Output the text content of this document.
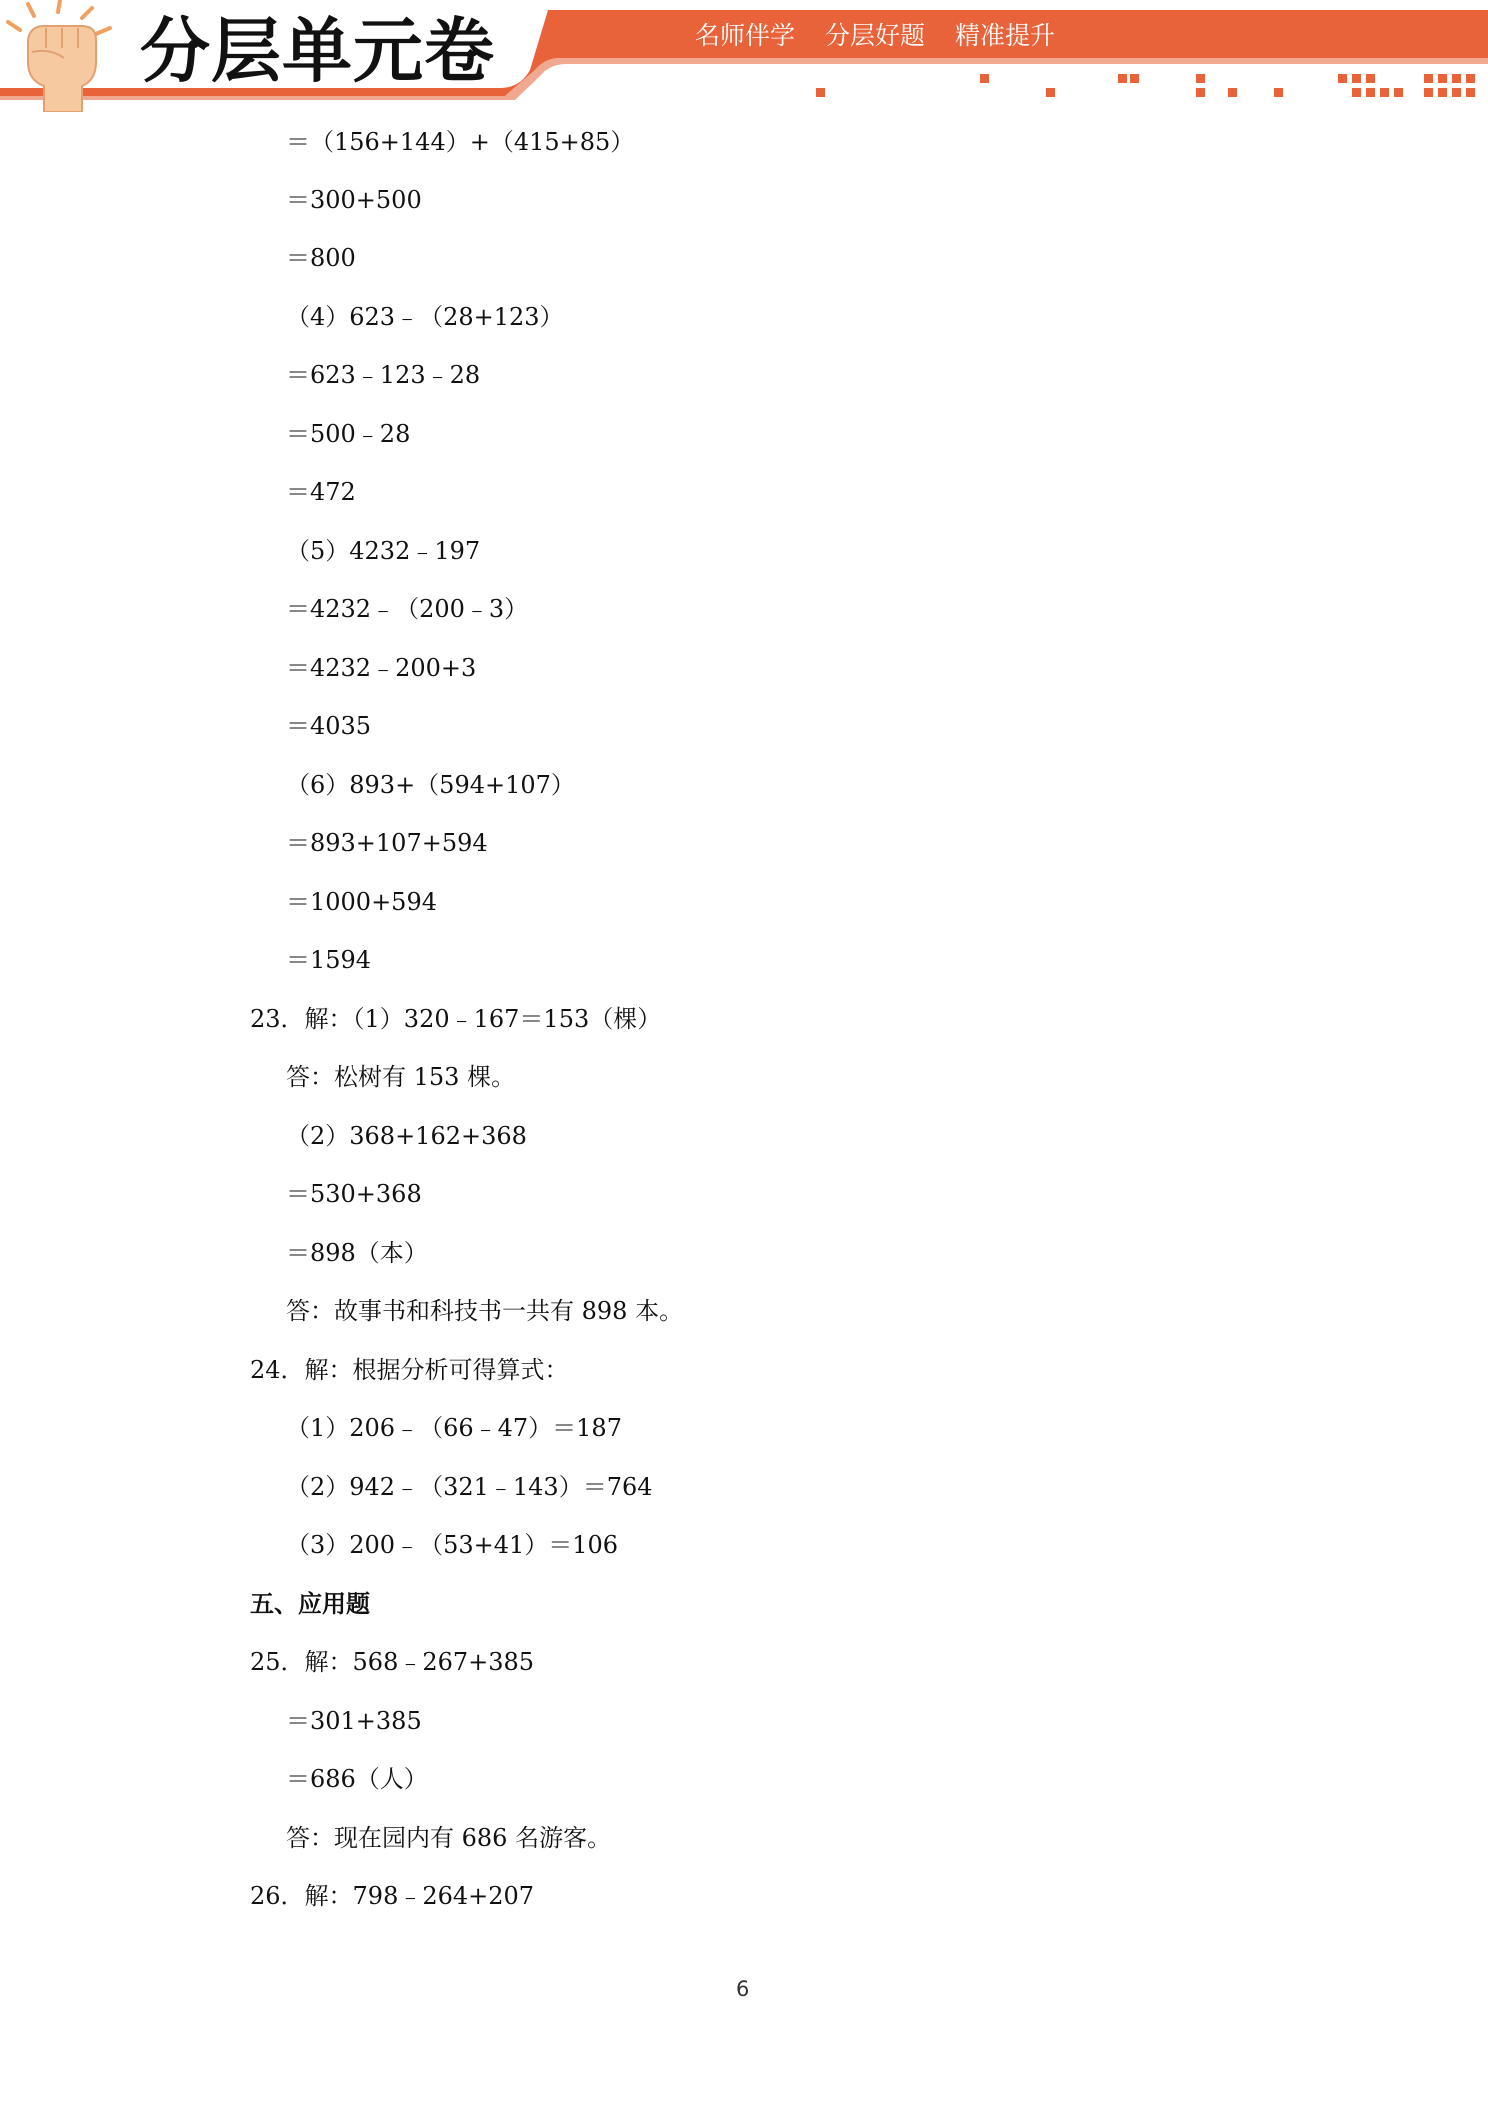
分层单元卷	名师伴学 分层好题 精准提升
＝（156+144）+（415+85）
＝300+500
＝800
（4）623﹣（28+123）
＝623﹣123﹣28
＝500﹣28
＝472
（5）4232﹣197
＝4232﹣（200﹣3）
＝4232﹣200+3
＝4035
（6）893+（594+107）
＝893+107+594
＝1000+594
＝1594
23．解：（1）320﹣167＝153（棵）
答：松树有 153 棵。
（2）368+162+368
＝530+368
＝898（本）
答：故事书和科技书一共有 898 本。
24．解：根据分析可得算式：
（1）206﹣（66﹣47）＝187
（2）942﹣（321﹣143）＝764
（3）200﹣（53+41）＝106
五、应用题
25．解：568﹣267+385
＝301+385
＝686（人）
答：现在园内有 686 名游客。
26．解：798﹣264+207
6
